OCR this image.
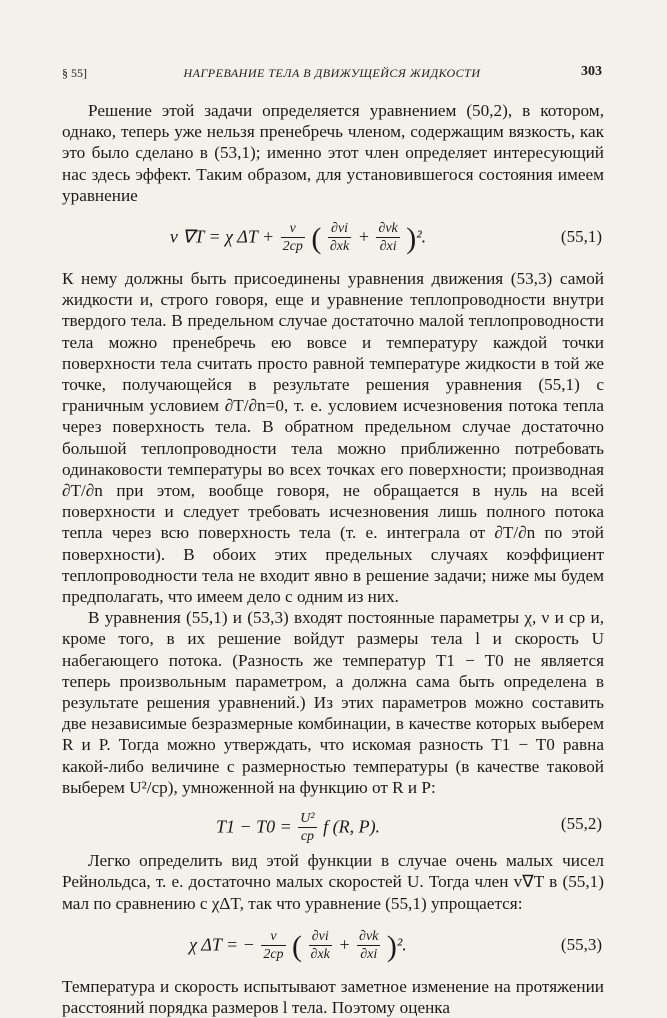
§ 55]	НАГРЕВАНИЕ ТЕЛА В ДВИЖУЩЕЙСЯ ЖИДКОСТИ	303

Решение этой задачи определяется уравнением (50,2), в котором, однако, теперь уже нельзя пренебречь членом, содержащим вязкость, как это было сделано в (53,1); именно этот член определяет интересующий нас здесь эффект. Таким образом, для установившегося состояния имеем уравнение

v ∇T = χ $\Delta T + \frac{\nu}{2cp}$ ( $\frac{\partial vi}{\partial xk} + \frac{\partial vk}{\partial xi} )^2$.	(55,1)

К нему должны быть присоединены уравнения движения (53,3) самой жидкости и, строго говоря, еще и уравнение теплопроводности внутри твердого тела. В предельном случае достаточно малой теплопроводности тела можно пренебречь ею вовсе и температуру каждой точки поверхности тела считать просто равной температуре жидкости в той же точке, получающейся в результате решения уравнения (55,1) с граничным условием ∂T/∂n=0, т. е. условием исчезновения потока тепла через поверхность тела. В обратном предельном случае достаточно большой теплопроводности тела можно приближенно потребовать одинаковости температуры во всех точках его поверхности; производная ∂T/∂n при этом, вообще говоря, не обращается в нуль на всей поверхности и следует требовать исчезновения лишь полного потока тепла через всю поверхность тела (т. е. интеграла от ∂T/∂n по этой поверхности). В обоих этих предельных случаях коэффициент теплопроводности тела не входит явно в решение задачи; ниже мы будем предполагать, что имеем дело с одним из них.

В уравнения (55,1) и (53,3) входят постоянные параметры χ, ν и cp и, кроме того, в их решение войдут размеры тела l и скорость U набегающего потока. (Разность же температур T1 − T0 не является теперь произвольным параметром, а должна сама быть определена в результате решения уравнений.) Из этих параметров можно составить две независимые безразмерные комбинации, в качестве которых выберем R и P. Тогда можно утверждать, что искомая разность T1 − T0 равна какой-либо величине с размерностью температуры (в качестве таковой выберем U²/cp), умноженной на функцию от R и P:

$T1 - T0 = \frac{\text{U²}}{cp}$ f (R, P).	(55,2)

Легко определить вид этой функции в случае очень малых чисел Рейнольдса, т. е. достаточно малых скоростей U. Тогда член v∇T в (55,1) мал по сравнению с χΔT, так что уравнение (55,1) упрощается:

χ ΔT = − $\frac{\nu}{2cp}$ ( $\frac{\partial vi}{\partial xk} + \frac{\partial vk}{\partial xi} )^2$.	(55,3)

Температура и скорость испытывают заметное изменение на протяжении расстояний порядка размеров l тела. Поэтому оценка
